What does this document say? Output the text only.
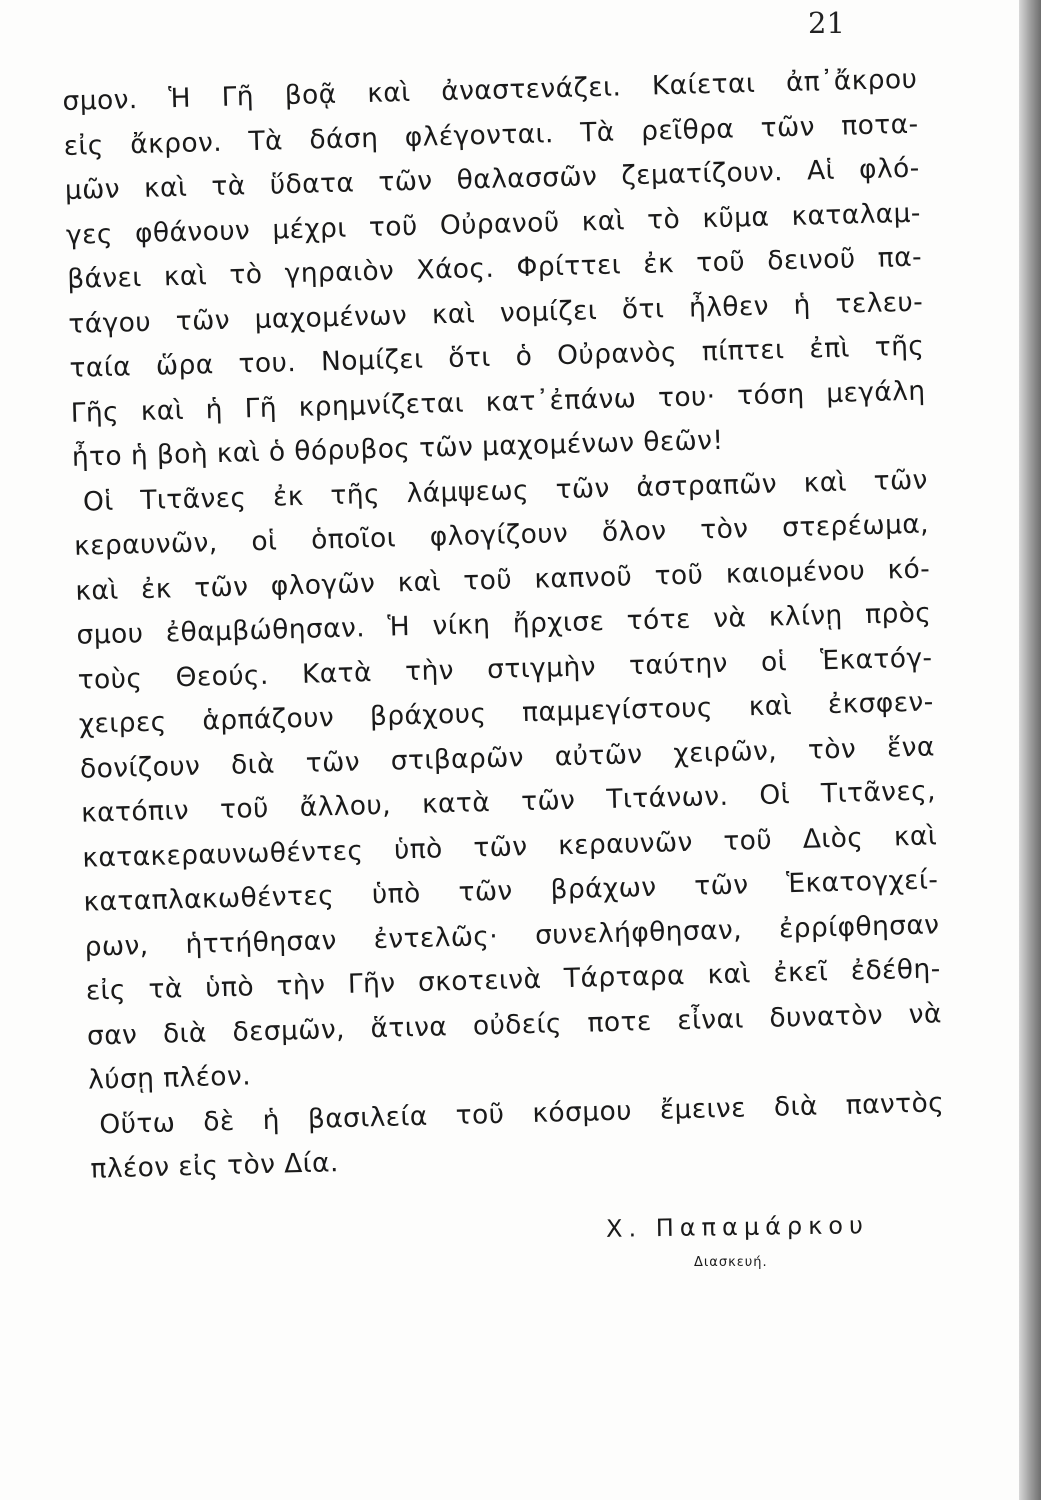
21
σμον. Ἡ Γῆ βοᾷ καὶ ἀναστενάζει. Καίεται ἀπ᾿ἄκρου
εἰς ἄκρον. Τὰ δάση φλέγονται. Τὰ ρεῖθρα τῶν ποτα-
μῶν καὶ τὰ ὕδατα τῶν θαλασσῶν ζεματίζουν. Αἱ φλό-
γες φθάνουν μέχρι τοῦ Οὐρανοῦ καὶ τὸ κῦμα καταλαμ-
βάνει καὶ τὸ γηραιὸν Χάος. Φρίττει ἐκ τοῦ δεινοῦ πα-
τάγου τῶν μαχομένων καὶ νομίζει ὅτι ἦλθεν ἡ τελευ-
ταία ὥρα του. Νομίζει ὅτι ὁ Οὐρανὸς πίπτει ἐπὶ τῆς
Γῆς καὶ ἡ Γῆ κρημνίζεται κατ᾿ἐπάνω του· τόση μεγάλη
ἦτο ἡ βοὴ καὶ ὁ θόρυβος τῶν μαχομένων θεῶν!
Οἱ Τιτᾶνες ἐκ τῆς λάμψεως τῶν ἀστραπῶν καὶ τῶν
κεραυνῶν, οἱ ὁποῖοι φλογίζουν ὅλον τὸν στερέωμα,
καὶ ἐκ τῶν φλογῶν καὶ τοῦ καπνοῦ τοῦ καιομένου κό-
σμου ἐθαμβώθησαν. Ἡ νίκη ἤρχισε τότε νὰ κλίνῃ πρὸς
τοὺς Θεούς. Κατὰ τὴν στιγμὴν ταύτην οἱ Ἑκατόγ-
χειρες ἁρπάζουν βράχους παμμεγίστους καὶ ἐκσφεν-
δονίζουν διὰ τῶν στιβαρῶν αὐτῶν χειρῶν, τὸν ἕνα
κατόπιν τοῦ ἄλλου, κατὰ τῶν Τιτάνων. Οἱ Τιτᾶνες,
κατακεραυνωθέντες ὑπὸ τῶν κεραυνῶν τοῦ Διὸς καὶ
καταπλακωθέντες ὑπὸ τῶν βράχων τῶν Ἑκατογχεί-
ρων, ἡττήθησαν ἐντελῶς· συνελήφθησαν, ἐρρίφθησαν
εἰς τὰ ὑπὸ τὴν Γῆν σκοτεινὰ Τάρταρα καὶ ἐκεῖ ἐδέθη-
σαν διὰ δεσμῶν, ἅτινα οὐδείς ποτε εἶναι δυνατὸν νὰ
λύσῃ πλέον.
Οὕτω δὲ ἡ βασιλεία τοῦ κόσμου ἔμεινε διὰ παντὸς
πλέον εἰς τὸν Δία.
Χ. Παπαμάρκου
Διασκευή.
